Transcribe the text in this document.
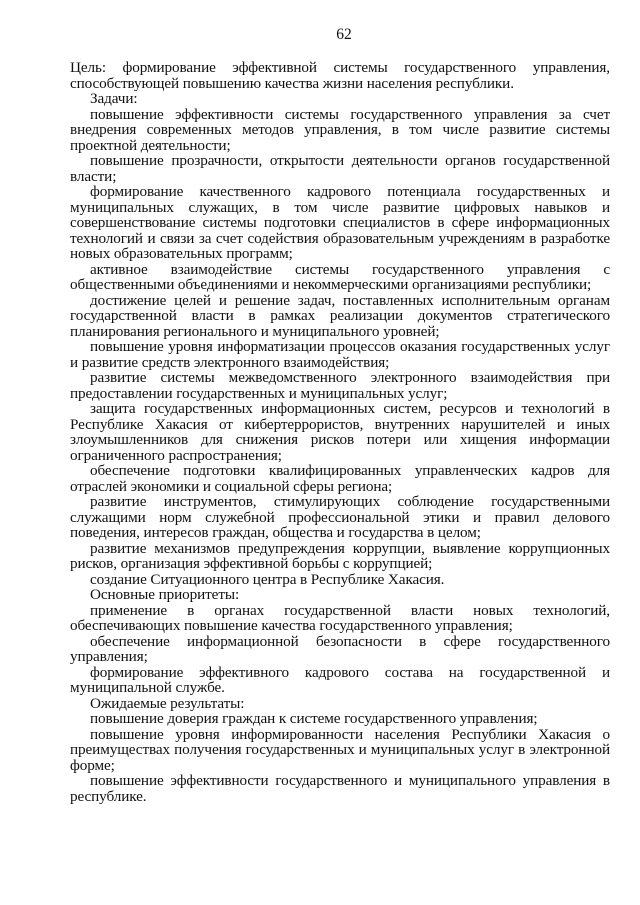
62

Цель: формирование эффективной системы государственного управления, способствующей повышению качества жизни населения республики.

Задачи:

повышение эффективности системы государственного управления за счет внедрения современных методов управления, в том числе развитие системы проектной деятельности;

повышение прозрачности, открытости деятельности органов государственной власти;

формирование качественного кадрового потенциала государственных и муниципальных служащих, в том числе развитие цифровых навыков и совершенствование системы подготовки специалистов в сфере информационных технологий и связи за счет содействия образовательным учреждениям в разработке новых образовательных программ;

активное взаимодействие системы государственного управления с общественными объединениями и некоммерческими организациями республики;

достижение целей и решение задач, поставленных исполнительным органам государственной власти в рамках реализации документов стратегического планирования регионального и муниципального уровней;

повышение уровня информатизации процессов оказания государственных услуг и развитие средств электронного взаимодействия;

развитие системы межведомственного электронного взаимодействия при предоставлении государственных и муниципальных услуг;

защита государственных информационных систем, ресурсов и технологий в Республике Хакасия от кибертеррористов, внутренних нарушителей и иных злоумышленников для снижения рисков потери или хищения информации ограниченного распространения;

обеспечение подготовки квалифицированных управленческих кадров для отраслей экономики и социальной сферы региона;

развитие инструментов, стимулирующих соблюдение государственными служащими норм служебной профессиональной этики и правил делового поведения, интересов граждан, общества и государства в целом;

развитие механизмов предупреждения коррупции, выявление коррупционных рисков, организация эффективной борьбы с коррупцией;

создание Ситуационного центра в Республике Хакасия.

Основные приоритеты:

применение в органах государственной власти новых технологий, обеспечивающих повышение качества государственного управления;

обеспечение информационной безопасности в сфере государственного управления;

формирование эффективного кадрового состава на государственной и муниципальной службе.

Ожидаемые результаты:

повышение доверия граждан к системе государственного управления;

повышение уровня информированности населения Республики Хакасия о преимуществах получения государственных и муниципальных услуг в электронной форме;

повышение эффективности государственного и муниципального управления в республике.
